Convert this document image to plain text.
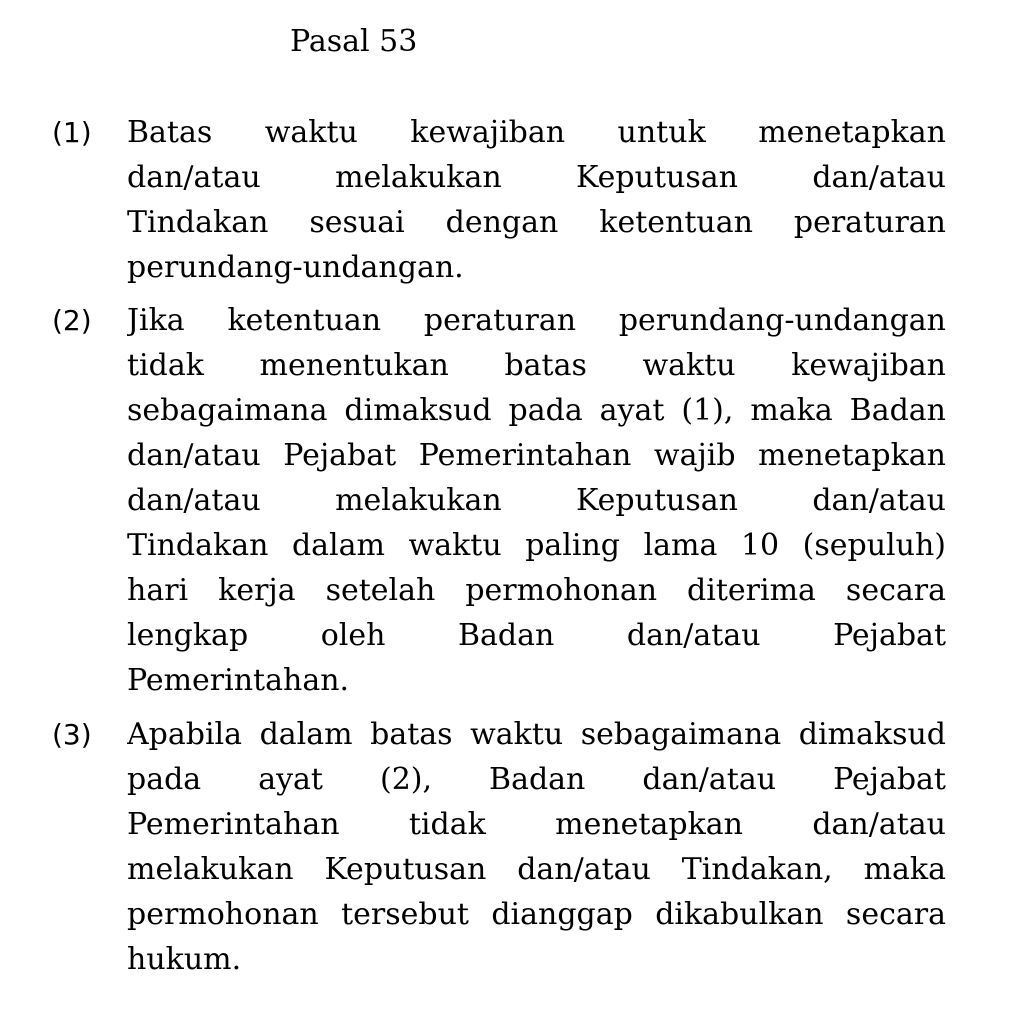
Pasal 53
(1) Batas waktu kewajiban untuk menetapkan
dan/atau melakukan Keputusan dan/atau
Tindakan sesuai dengan ketentuan peraturan
perundang-undangan.
(2) Jika ketentuan peraturan perundang-undangan
tidak menentukan batas waktu kewajiban
sebagaimana dimaksud pada ayat (1), maka Badan
dan/atau Pejabat Pemerintahan wajib menetapkan
dan/atau melakukan Keputusan dan/atau
Tindakan dalam waktu paling lama 10 (sepuluh)
hari kerja setelah permohonan diterima secara
lengkap oleh Badan dan/atau Pejabat
Pemerintahan.
(3) Apabila dalam batas waktu sebagaimana dimaksud
pada ayat (2), Badan dan/atau Pejabat
Pemerintahan tidak menetapkan dan/atau
melakukan Keputusan dan/atau Tindakan, maka
permohonan tersebut dianggap dikabulkan secara
hukum.
